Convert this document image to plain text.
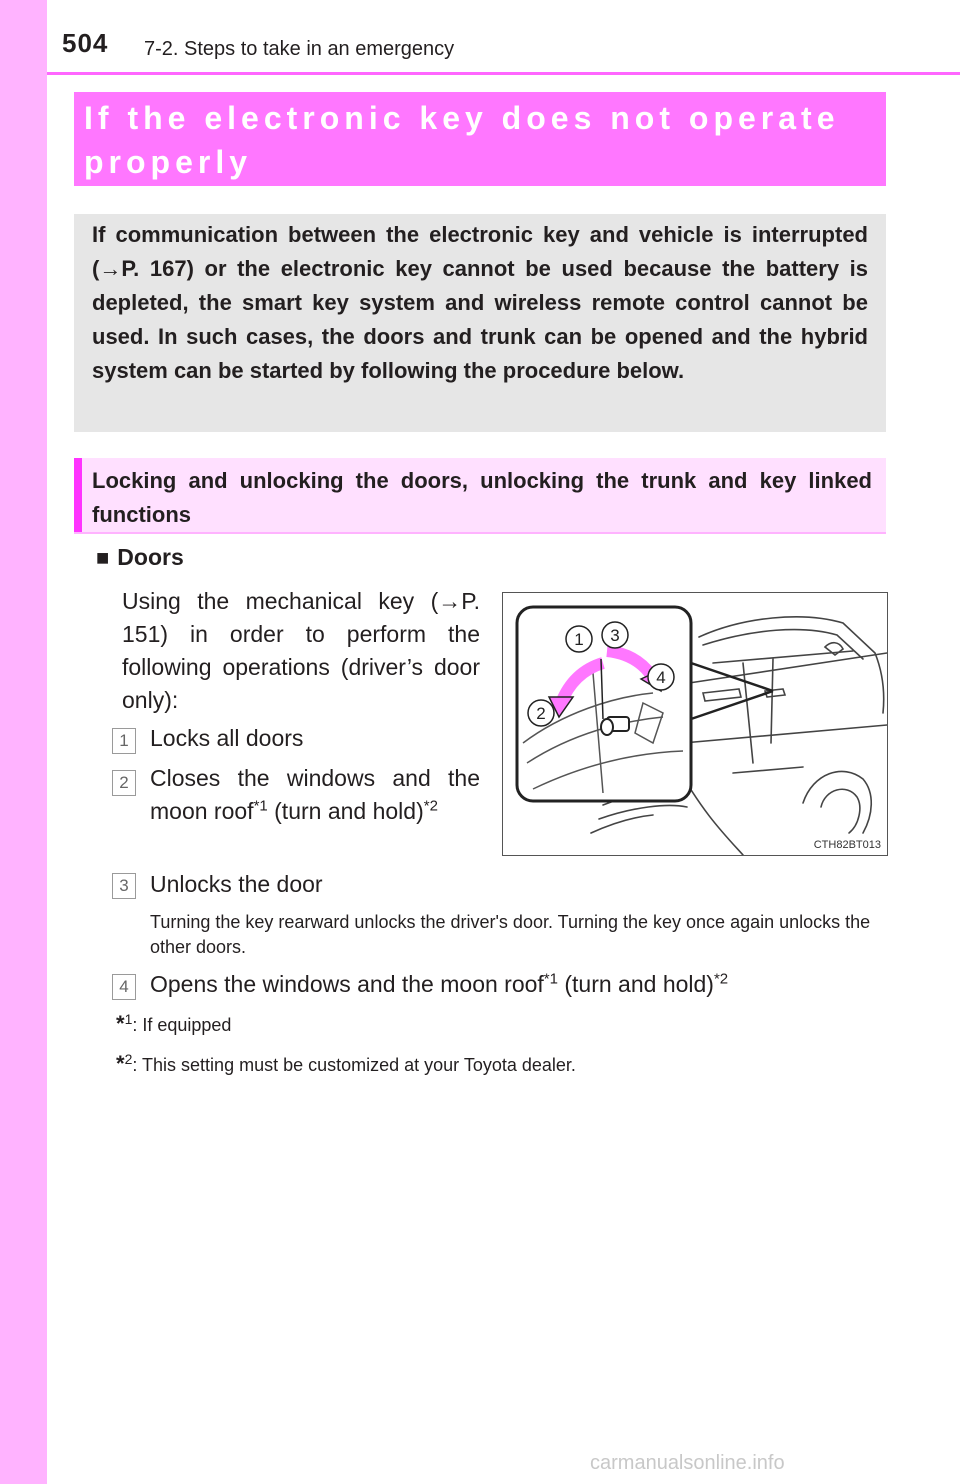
504 7-2. Steps to take in an emergency
If the electronic key does not operate properly
If communication between the electronic key and vehicle is interrupted (→P. 167) or the electronic key cannot be used because the battery is depleted, the smart key system and wireless remote control cannot be used. In such cases, the doors and trunk can be opened and the hybrid system can be started by following the procedure below.
Locking and unlocking the doors, unlocking the trunk and key linked functions
■ Doors
Using the mechanical key (→P. 151) in order to perform the following operations (driver’s door only):
1 Locks all doors
2 Closes the windows and the moon roof$^{*1}$ (turn and hold)$^{*2}$
3 Unlocks the door
Turning the key rearward unlocks the driver's door. Turning the key once again unlocks the other doors.
4 Opens the windows and the moon roof$^{*1}$ (turn and hold)$^{*2}$
*$^1$: If equipped
*$^2$: This setting must be customized at your Toyota dealer.
1 3
2
4
CTH82BT013
carmanualsonline.info
